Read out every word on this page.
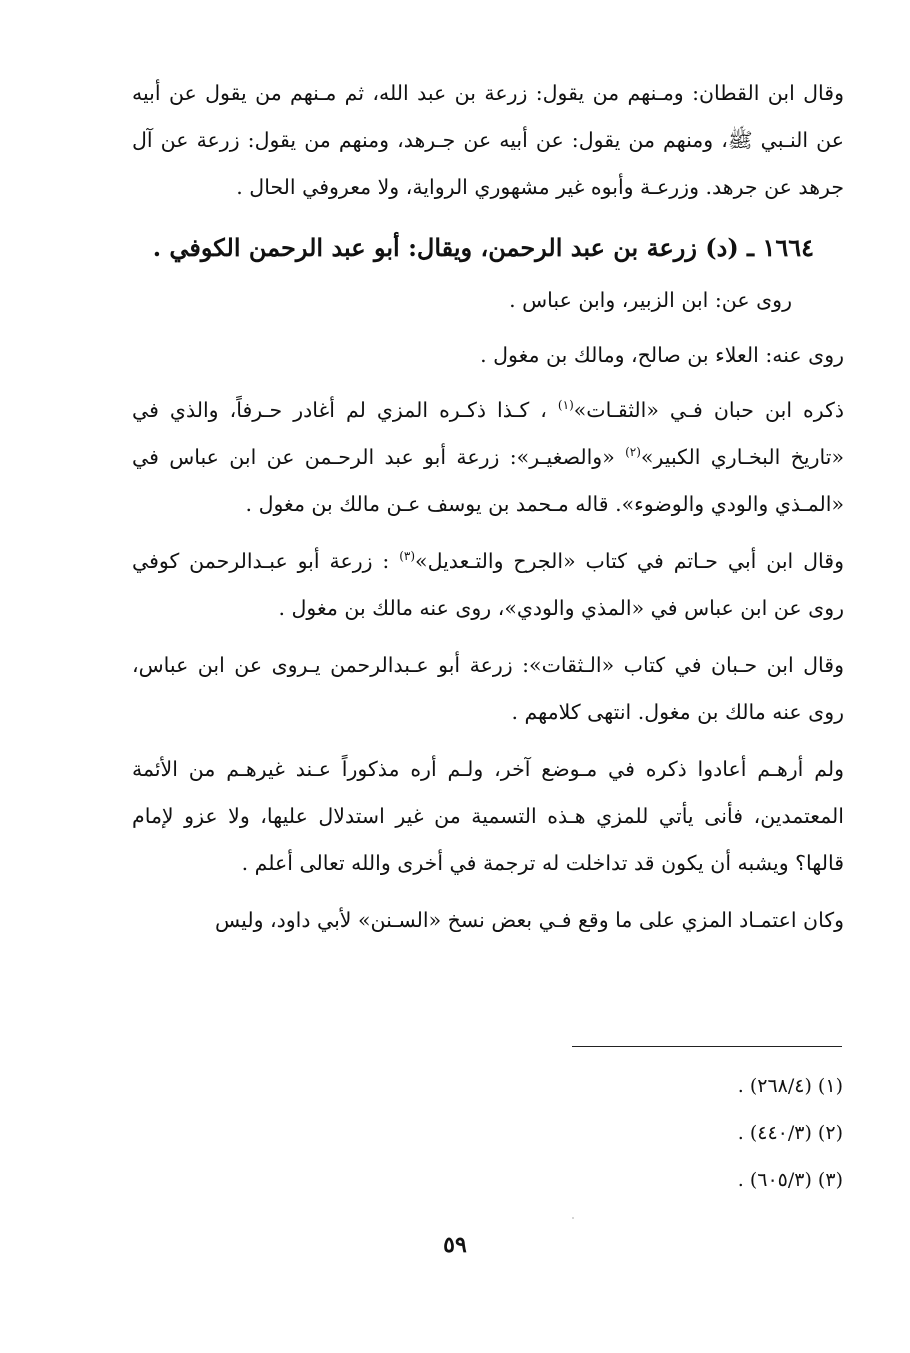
وقال ابن القطان: ومـنهم من يقول: زرعة بن عبد الله، ثم مـنهم من يقول عن أبيه عن النـبي ﷺ، ومنهم من يقول: عن أبيه عن جـرهد، ومنهم من يقول: زرعة عن آل جرهد عن جرهد. وزرعـة وأبوه غير مشهوري الرواية، ولا معروفي الحال .

١٦٦٤ ـ (د) زرعة بن عبد الرحمن، ويقال: أبو عبد الرحمن الكوفي .

روى عن: ابن الزبير، وابن عباس .

روى عنه: العلاء بن صالح، ومالك بن مغول .

ذكره ابن حبان فـي «الثقـات»$^{(١)}$ ، كـذا ذكـره المزي لم أغادر حـرفاً، والذي في «تاريخ البخـاري الكبير»$^{(٢)}$ «والصغيـر»: زرعة أبو عبد الرحـمن عن ابن عباس في «المـذي والودي والوضوء». قاله مـحمد بن يوسف عـن مالك بن مغول .

وقال ابن أبي حـاتم في كتاب «الجرح والتـعديل»$^{(٣)}$ : زرعة أبو عبـدالرحمن كوفي روى عن ابن عباس في «المذي والودي»، روى عنه مالك بن مغول .

وقال ابن حـبان في كتاب «الـثقات»: زرعة أبو عـبدالرحمن يـروى عن ابن عباس، روى عنه مالك بن مغول. انتهى كلامهم .

ولم أرهـم أعادوا ذكره في مـوضع آخر، ولـم أره مذكوراً عـند غيرهـم من الأئمة المعتمدين، فأنى يأتي للمزي هـذه التسمية من غير استدلال عليها، ولا عزو لإمام قالها؟ ويشبه أن يكون قد تداخلت له ترجمة في أخرى والله تعالى أعلم .

وكان اعتمـاد المزي على ما وقع فـي بعض نسخ «السـنن» لأبي داود، وليس

(١) (٢٦٨/٤) .

(٢) (٤٤٠/٣) .

(٣) (٦٠٥/٣) .

٥٩
